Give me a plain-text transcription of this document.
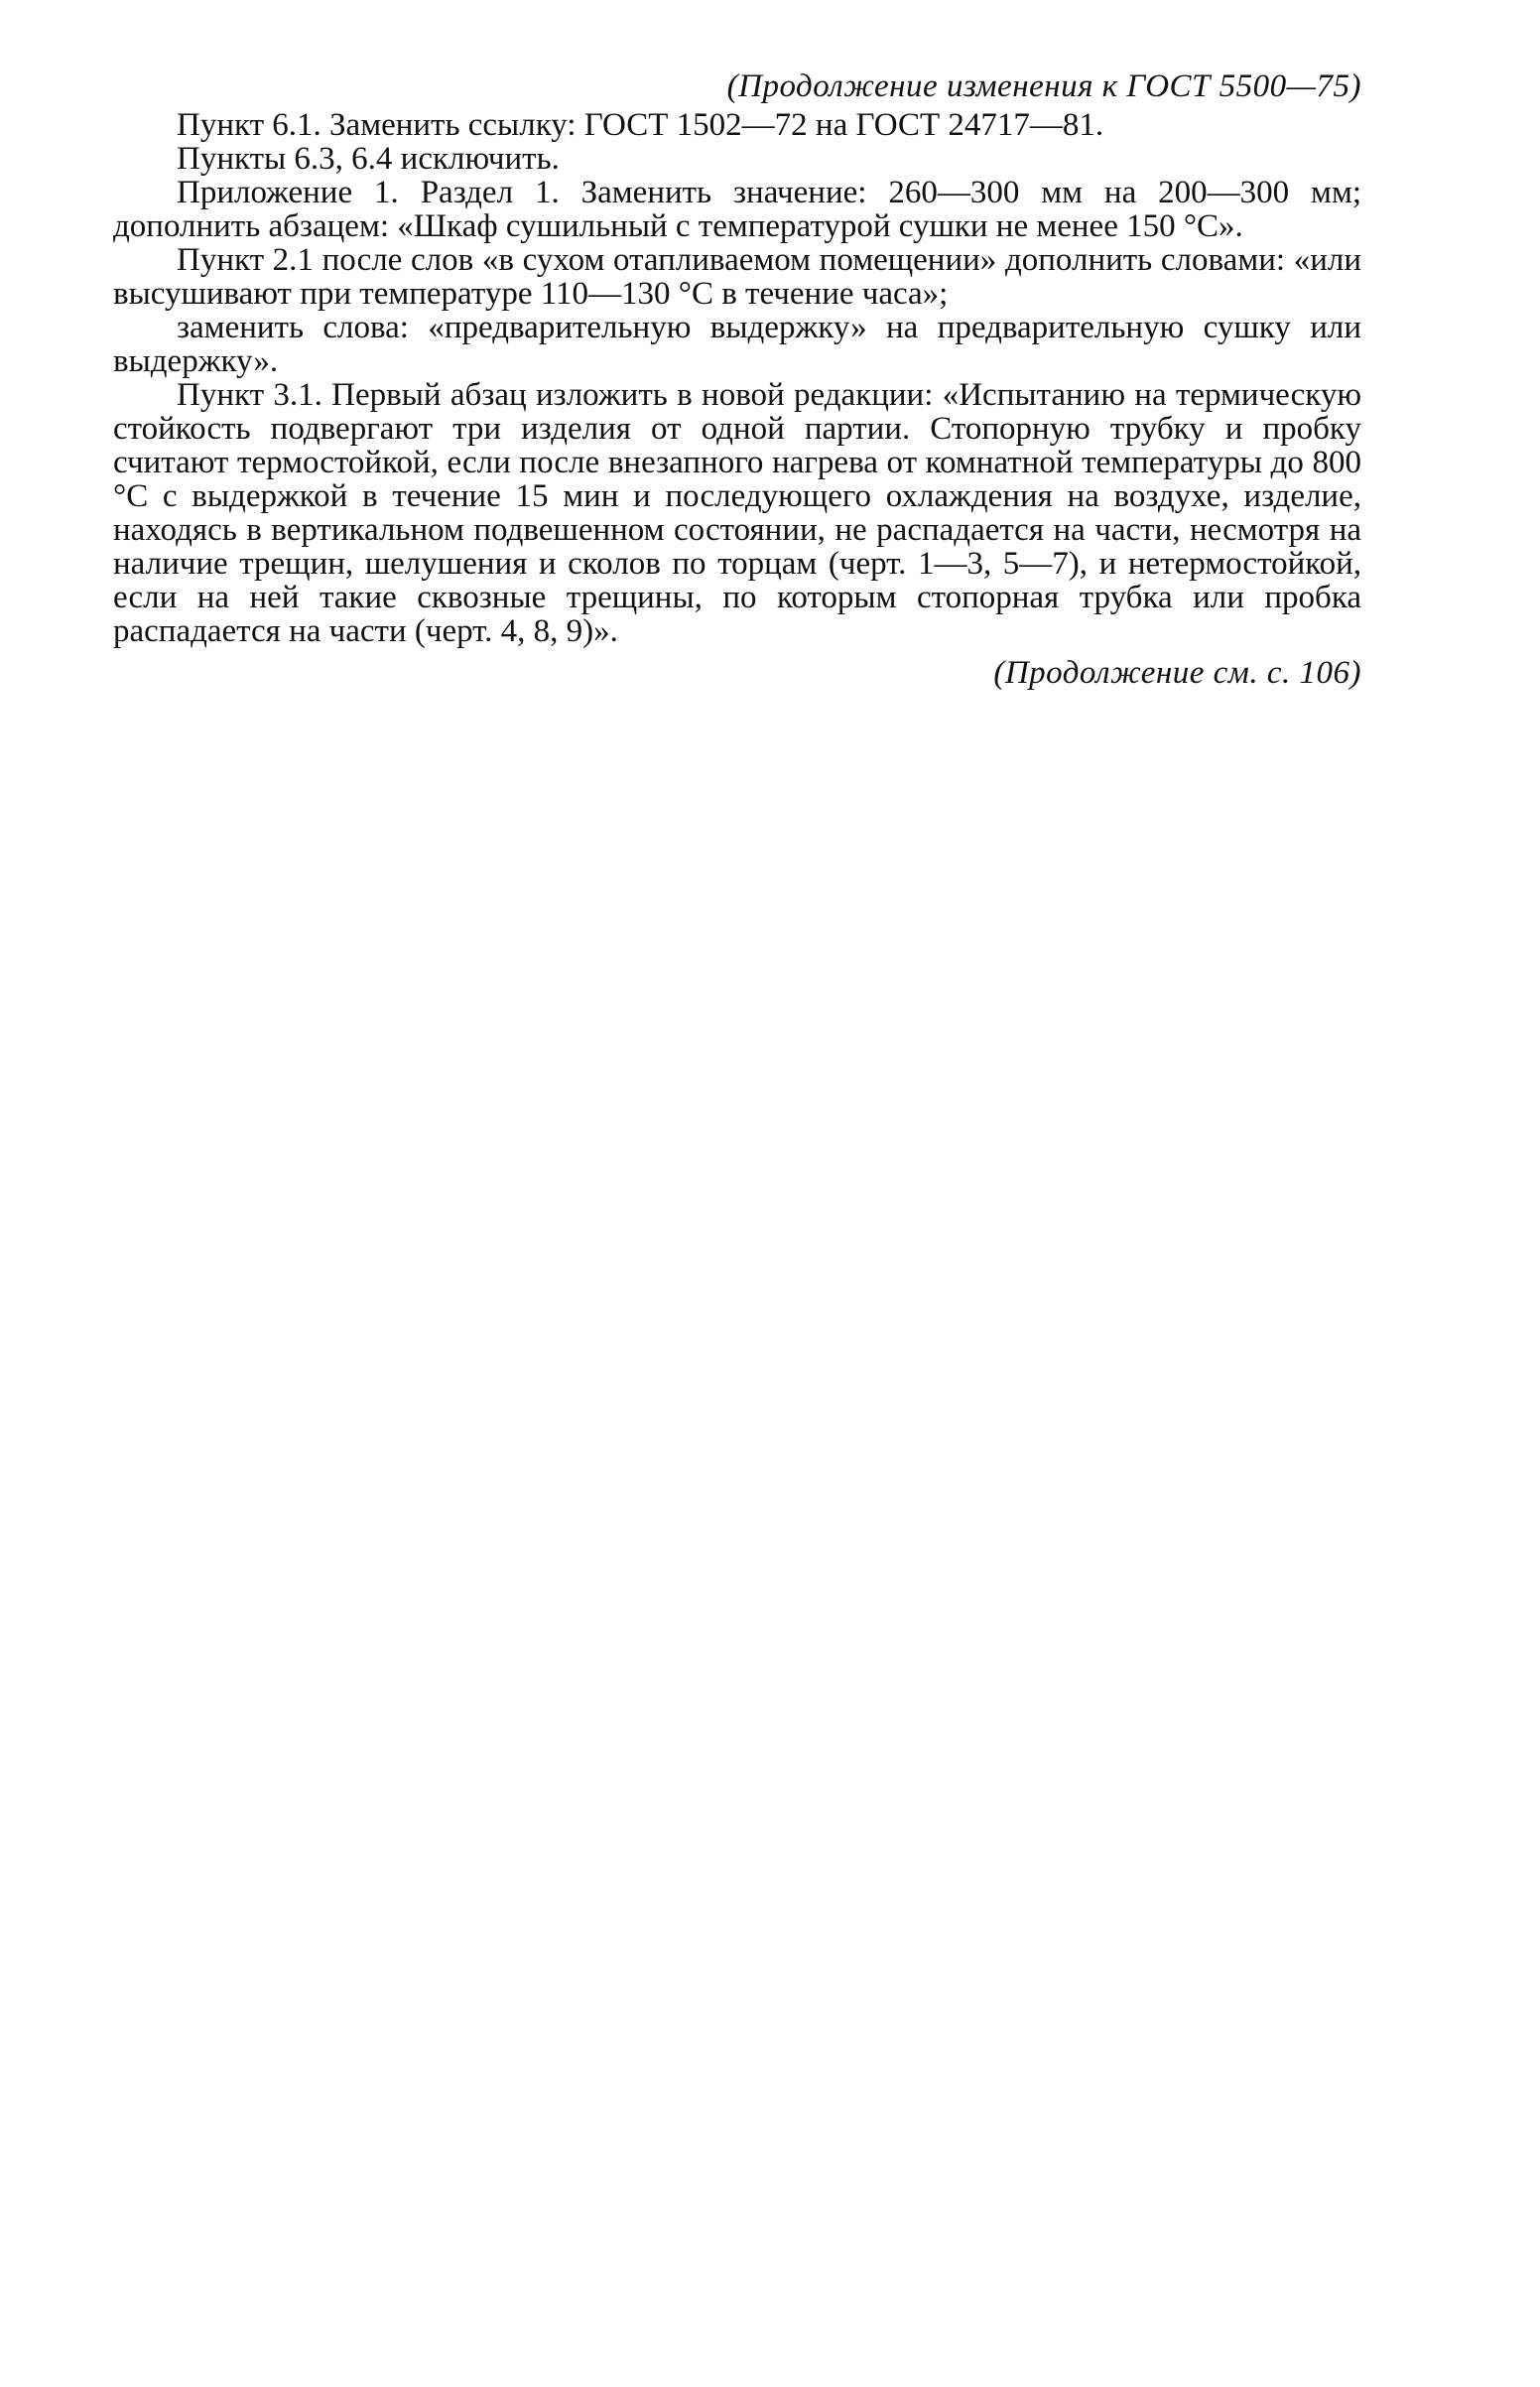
(Продолжение изменения к ГОСТ 5500—75)

Пункт 6.1. Заменить ссылку: ГОСТ 1502—72 на ГОСТ 24717—81.

Пункты 6.3, 6.4 исключить.

Приложение 1. Раздел 1. Заменить значение: 260—300 мм на 200—300 мм; дополнить абзацем: «Шкаф сушильный с температурой сушки не менее 150 °С».

Пункт 2.1 после слов «в сухом отапливаемом помещении» дополнить словами: «или высушивают при температуре 110—130 °С в течение часа»;

заменить слова: «предварительную выдержку» на предварительную сушку или выдержку».

Пункт 3.1. Первый абзац изложить в новой редакции: «Испытанию на термическую стойкость подвергают три изделия от одной партии. Стопорную трубку и пробку считают термостойкой, если после внезапного нагрева от комнатной температуры до 800 °С с выдержкой в течение 15 мин и последующего охлаждения на воздухе, изделие, находясь в вертикальном подвешенном состоянии, не распадается на части, несмотря на наличие трещин, шелушения и сколов по торцам (черт. 1—3, 5—7), и нетермостойкой, если на ней такие сквозные трещины, по которым стопорная трубка или пробка распадается на части (черт. 4, 8, 9)».

(Продолжение см. с. 106)
